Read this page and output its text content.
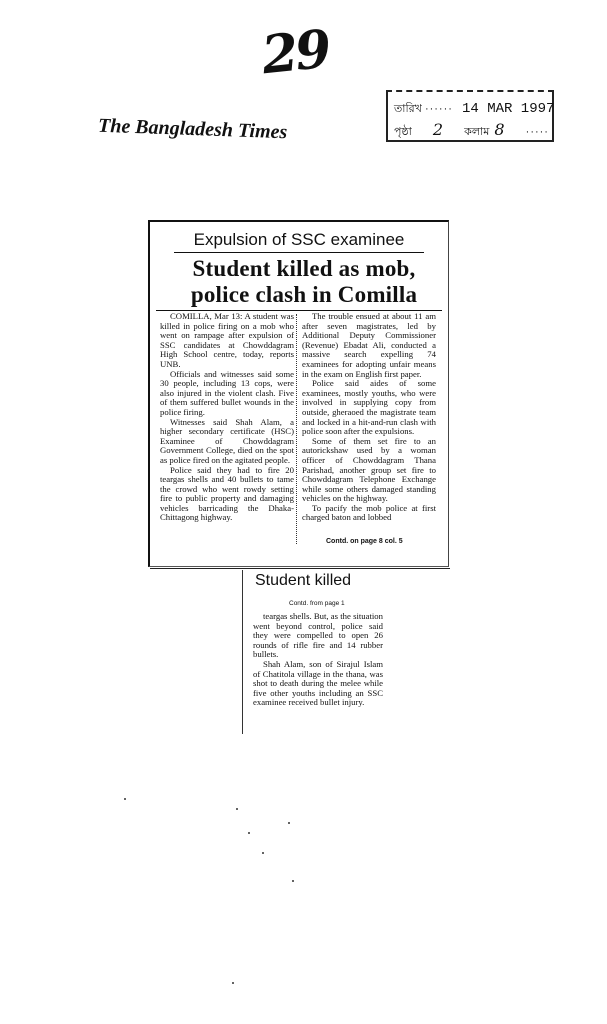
29
The Bangladesh Times
তারিখ ······ 14 MAR 1997
পৃষ্ঠা 2 কলাম 8 ·····
Expulsion of SSC examinee
Student killed as mob, police clash in Comilla

COMILLA, Mar 13: A student was killed in police firing on a mob who went on rampage after expulsion of SSC candidates at Chowddagram High School centre, today, reports UNB.

Officials and witnesses said some 30 people, including 13 cops, were also injured in the violent clash. Five of them suffered bullet wounds in the police firing.

Witnesses said Shah Alam, a higher secondary certificate (HSC) Examinee of Chowddagram Government College, died on the spot as police fired on the agitated people.

Police said they had to fire 20 teargas shells and 40 bullets to tame the crowd who went rowdy setting fire to public property and damaging vehicles barricading the Dhaka-Chittagong highway.

The trouble ensued at about 11 am after seven magistrates, led by Additional Deputy Commissioner (Revenue) Ebadat Ali, conducted a massive search expelling 74 examinees for adopting unfair means in the exam on English first paper.

Police said aides of some examinees, mostly youths, who were involved in supplying copy from outside, gheraoed the magistrate team and locked in a hit-and-run clash with police soon after the expulsions.

Some of them set fire to an autorickshaw used by a woman officer of Chowddagram Thana Parishad, another group set fire to Chowddagram Telephone Exchange while some others damaged standing vehicles on the highway.

To pacify the mob police at first charged baton and lobbed

Contd. on page 8 col. 5
Student killed
Contd. from page 1

teargas shells. But, as the situation went beyond control, police said they were compelled to open 26 rounds of rifle fire and 14 rubber bullets.

Shah Alam, son of Sirajul Islam of Chatitola village in the thana, was shot to death during the melee while five other youths including an SSC examinee received bullet injury.
